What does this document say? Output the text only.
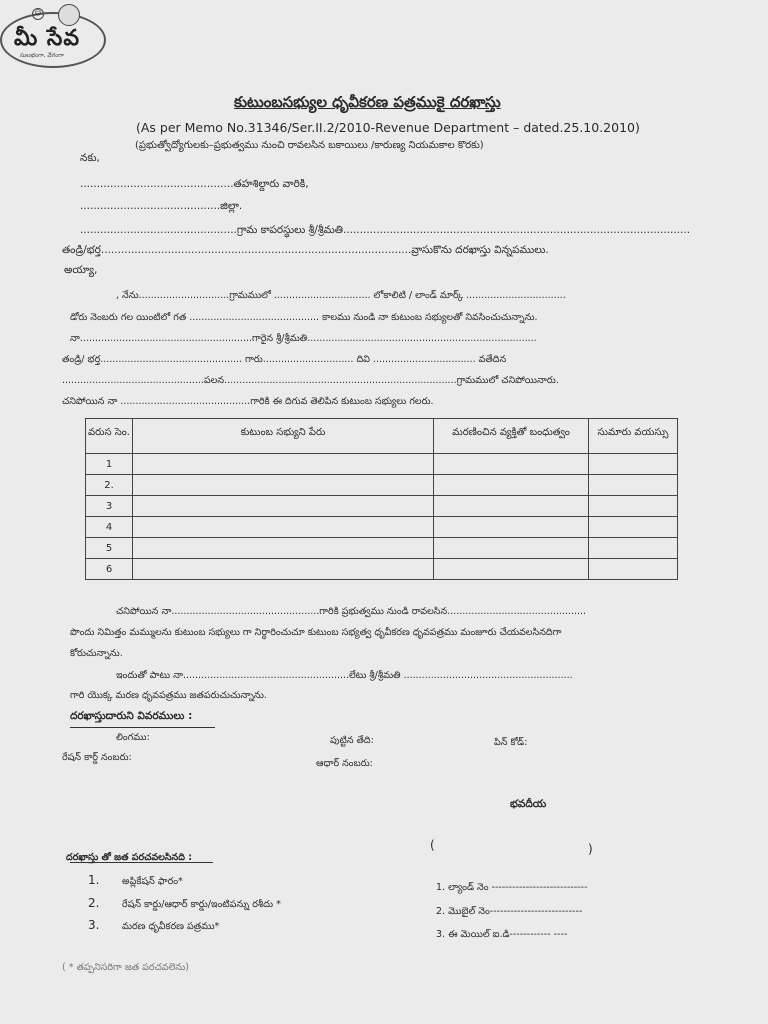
☺
మీ సేవ
సులభంగా, వేగంగా
కుటుంబసభ్యుల ధృవీకరణ పత్రముకై దరఖాస్తు
(As per Memo No.31346/Ser.II.2/2010-Revenue Department – dated.25.10.2010)
(ప్రభుత్వోద్యోగులకు–ప్రభుత్వము నుంచి రావలసిన బకాయిలు /కారుణ్య నియమకాల కొరకు)
నకు,
..............................................తహశిల్దారు వారికి,
..........................................జిల్లా.
...............................................గ్రామ కాపరస్థులు శ్రీ/శ్రీమతి........................................................................................................
తండ్రి/భర్త.............................................................................................వ్రాసుకొను దరఖాస్తు విన్నపములు.
అయ్యా,
, నేను..............................గ్రామములో ................................ లోకాలిటి / లాండ్ మార్క్ .................................
డోరు నెంబరు గల యింటిలో గత ........................................... కాలము నుండి నా కుటుంబ సభ్యులతో నివసించుచున్నాను.
నా.........................................................గారైన శ్రీ/శ్రీమతి............................................................................
తండ్రి/ భర్త............................................... గారు.............................. దివి .................................. వతేదిన
...............................................పలన.............................................................................గ్రామములో చనిపోయినారు.
చనిపోయిన నా ...........................................గారికి ఈ దిగువ తెలిపిన కుటుంబ సభ్యులు గలరు.
వరుస సెం.	కుటుంబ సభ్యుని పేరు	మరణించిన వ్యక్తితో బంధుత్వం	సుమారు వయస్సు

1			
2.			
3			
4			
5			
6			
చనిపోయిన నా.................................................గారికి ప్రభుత్వము నుండి రావలసిన..............................................
పొందు నిమిత్తం మమ్ములను కుటుంబ సభ్యులు గా నిర్ధారించుచూ కుటుంబ సభ్యత్వ ధృవీకరణ ధృవపత్రము మంజూరు చేయవలసినదిగా
కోరుచున్నాను.
ఇందుతో పాటు నా.......................................................లేటు శ్రీ/శ్రీమతి ........................................................
గారి యొక్క మరణ ధృవపత్రము జతపరుచుచున్నాను.
దరఖాస్తుదారుని వివరములు :
లింగము:	పుట్టిన తేది:	పిన్ కోడ్:
రేషన్ కార్డ్ నంబరు:
ఆధార్ నంబరు:
భవదీయ
(	)
దరఖాస్తు తో జత పరచవలసినది :
1. అప్లికేషన్ ఫారం*
2. రేషన్ కార్డు/ఆధార్ కార్డు/ఇంటిపన్ను రశీదు *
3. మరణ ధృవీకరణ పత్రము*
( * తప్పనిసరిగా జత పరచవలెను)
1. ల్యాండ్ నెం ----------------------------
2. మొబైల్ నెం---------------------------
3. ఈ మెయిల్ ఐ.డి------------ ----
